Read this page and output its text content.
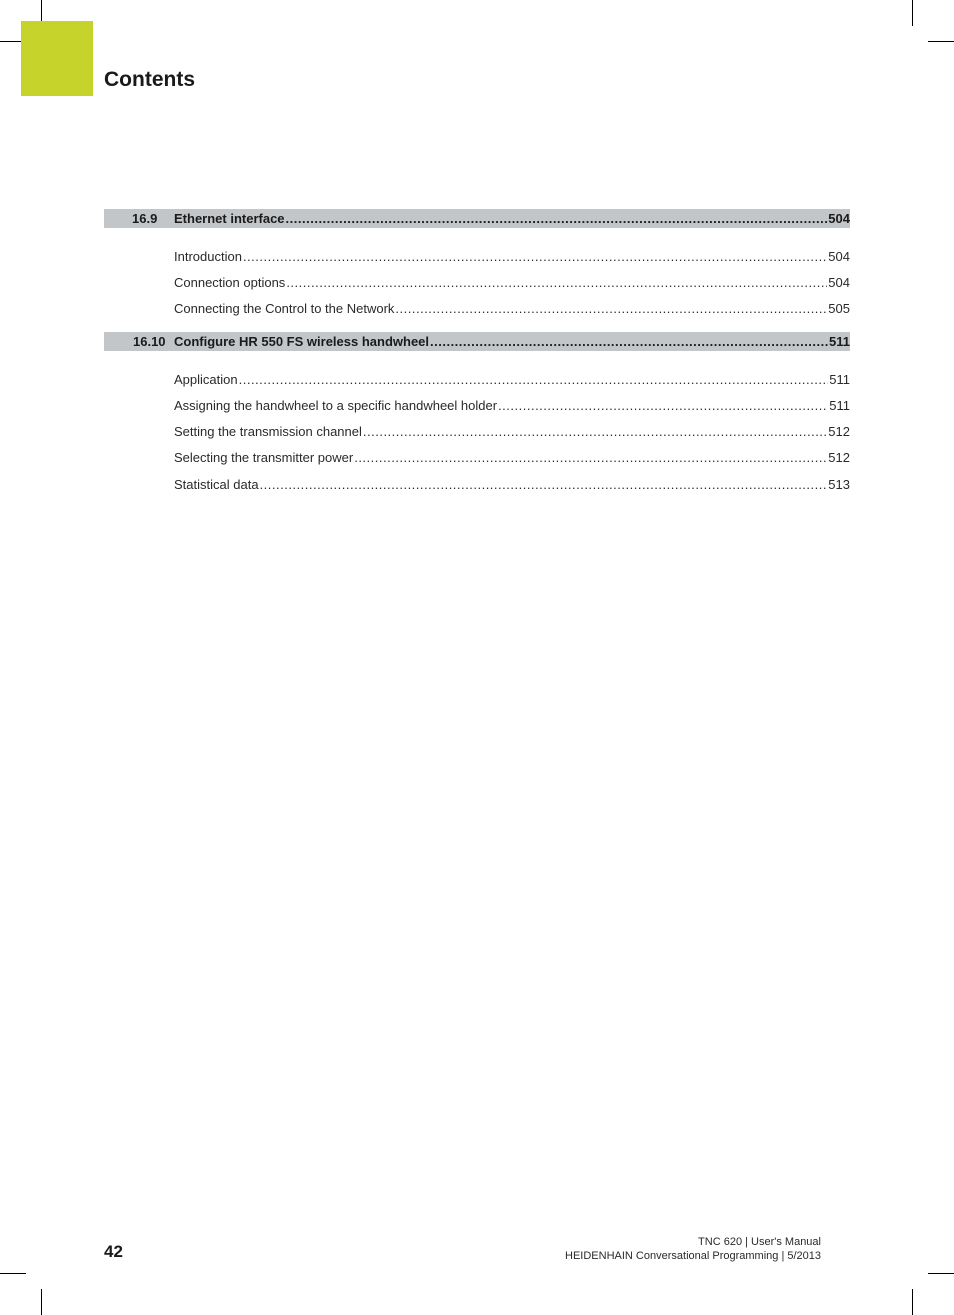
Contents
16.9	Ethernet interface .....	504
Introduction .....	504
Connection options .....	504
Connecting the Control to the Network .....	505
16.10 Configure HR 550 FS wireless handwheel .....	511
Application .....	511
Assigning the handwheel to a specific handwheel holder .....	511
Setting the transmission channel .....	512
Selecting the transmitter power .....	512
Statistical data .....	513
42	TNC 620 | User's Manual
HEIDENHAIN Conversational Programming | 5/2013
